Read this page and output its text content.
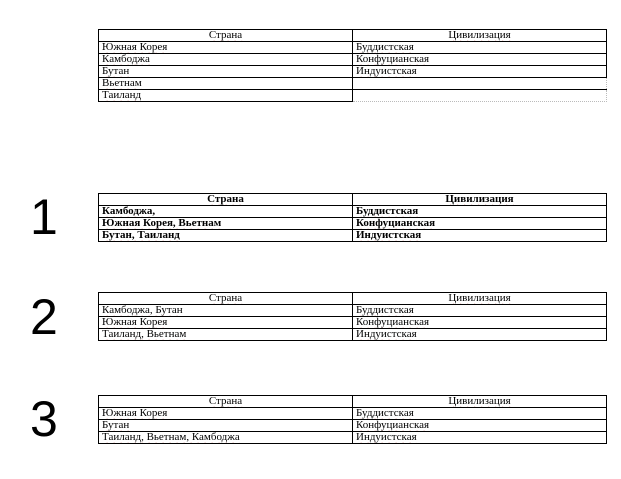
Страна	Цивилизация
Южная Корея	Буддистская
Камбоджа	Конфуцианская
Бутан	Индуистская
Вьетнам	
Таиланд	
1	Страна	Цивилизация
Камбоджа,	Буддистская
Южная Корея, Вьетнам	Конфуцианская
Бутан, Таиланд	Индуистская
2	Страна	Цивилизация
Камбоджа, Бутан	Буддистская
Южная Корея	Конфуцианская
Таиланд, Вьетнам	Индуистская
3	Страна	Цивилизация
Южная Корея	Буддистская
Бутан	Конфуцианская
Таиланд, Вьетнам, Камбоджа	Индуистская
